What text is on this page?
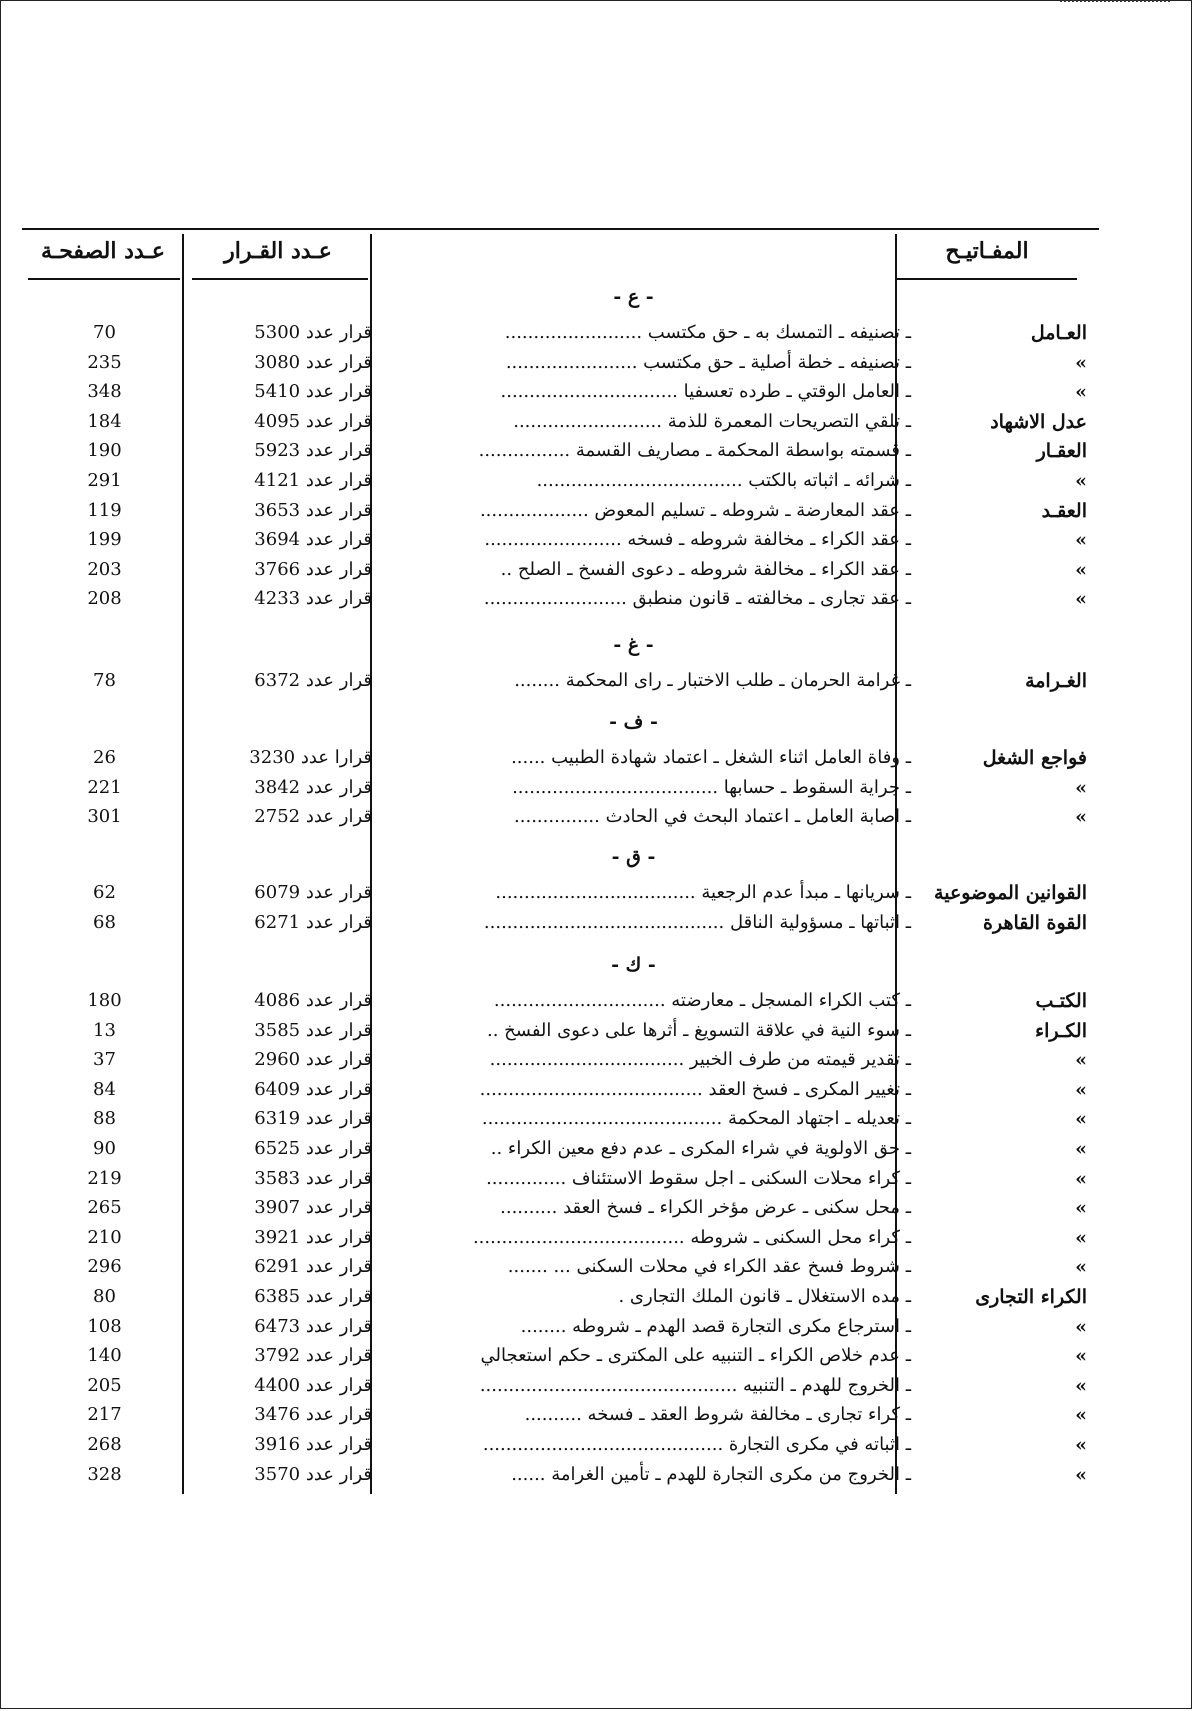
عـدد الصفحـة	عـدد القـرار	المفـاتيـح
- ع -
70	قرار عدد 5300	ـ تصنيفه ـ التمسك به ـ حق مكتسب ........................	العـامل
235	قرار عدد 3080	ـ تصنيفه ـ خطة أصلية ـ حق مكتسب .......................	»
348	قرار عدد 5410	ـ العامل الوقتي ـ طرده تعسفيا ...............................	»
184	قرار عدد 4095	ـ تلقي التصريحات المعمرة للذمة ..........................	عدل الاشهاد
190	قرار عدد 5923	ـ قسمته بواسطة المحكمة ـ مصاريف القسمة ................	العقـار
291	قرار عدد 4121	ـ شرائه ـ اثباته بالكتب ....................................	»
119	قرار عدد 3653	ـ عقد المعارضة ـ شروطه ـ تسليم المعوض ...................	العقـد
199	قرار عدد 3694	ـ عقد الكراء ـ مخالفة شروطه ـ فسخه ........................	»
203	قرار عدد 3766	ـ عقد الكراء ـ مخالفة شروطه ـ دعوى الفسخ ـ الصلح ..	»
208	قرار عدد 4233	ـ عقد تجارى ـ مخالفته ـ قانون منطبق .........................	»
- غ -
78	قرار عدد 6372	ـ غرامة الحرمان ـ طلب الاختبار ـ راى المحكمة ........	الغـرامة
- ف -
26	قرارا عدد 3230	ـ وفاة العامل اثناء الشغل ـ اعتماد شهادة الطبيب ......	فواجع الشغل
221	قرار عدد 3842	ـ جراية السقوط ـ حسابها ....................................	»
301	قرار عدد 2752	ـ اصابة العامل ـ اعتماد البحث في الحادث ...............	»
- ق -
62	قرار عدد 6079	ـ سريانها ـ مبدأ عدم الرجعية ...................................	القوانين الموضوعية
68	قرار عدد 6271	ـ اثباتها ـ مسؤولية الناقل ..........................................	القوة القاهرة
- ك -
180	قرار عدد 4086	ـ كتب الكراء المسجل ـ معارضته ..............................	الكتـب
13	قرار عدد 3585	ـ سوء النية في علاقة التسويغ ـ أثرها على دعوى الفسخ ..	الكـراء
37	قرار عدد 2960	ـ تقدير قيمته من طرف الخبير ..................................	»
84	قرار عدد 6409	ـ تغيير المكرى ـ فسخ العقد .......................................	»
88	قرار عدد 6319	ـ تعديله ـ اجتهاد المحكمة ..........................................	»
90	قرار عدد 6525	ـ حق الاولوية في شراء المكرى ـ عدم دفع معين الكراء ..	»
219	قرار عدد 3583	ـ كراء محلات السكنى ـ اجل سقوط الاستئناف ..............	»
265	قرار عدد 3907	ـ محل سكنى ـ عرض مؤخر الكراء ـ فسخ العقد ..........	»
210	قرار عدد 3921	ـ كراء محل السكنى ـ شروطه .....................................	»
296	قرار عدد 6291	ـ شروط فسخ عقد الكراء في محلات السكنى ... .......	»
80	قرار عدد 6385	ـ مده الاستغلال ـ قانون الملك التجارى .	الكراء التجارى
108	قرار عدد 6473	ـ استرجاع مكرى التجارة قصد الهدم ـ شروطه ........	»
140	قرار عدد 3792	ـ عدم خلاص الكراء ـ التنبيه على المكترى ـ حكم استعجالي	»
205	قرار عدد 4400	ـ الخروج للهدم ـ التنبيه .............................................	»
217	قرار عدد 3476	ـ كراء تجارى ـ مخالفة شروط العقد ـ فسخه ..........	»
268	قرار عدد 3916	ـ اثباته في مكرى التجارة ..........................................	»
328	قرار عدد 3570	ـ الخروج من مكرى التجارة للهدم ـ تأمين الغرامة ......	»
